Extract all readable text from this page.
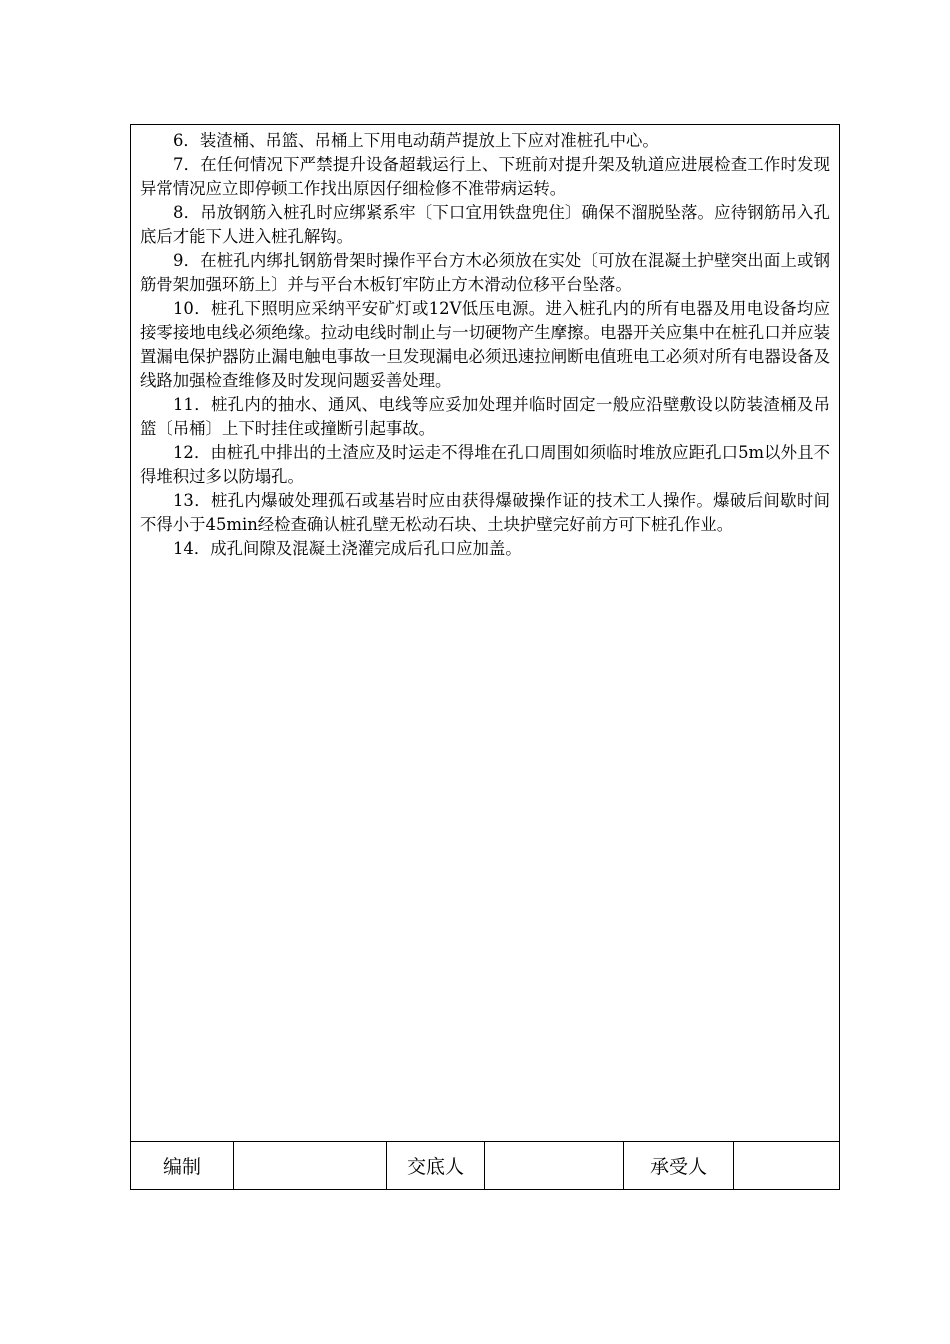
6．装渣桶、吊篮、吊桶上下用电动葫芦提放上下应对准桩孔中心。

7．在任何情况下严禁提升设备超载运行上、下班前对提升架及轨道应进展检查工作时发现异常情况应立即停顿工作找出原因仔细检修不准带病运转。

8．吊放钢筋入桩孔时应绑紧系牢〔下口宜用铁盘兜住〕确保不溜脱坠落。应待钢筋吊入孔底后才能下人进入桩孔解钩。

9．在桩孔内绑扎钢筋骨架时操作平台方木必须放在实处〔可放在混凝土护壁突出面上或钢筋骨架加强环筋上〕并与平台木板钉牢防止方木滑动位移平台坠落。

10．桩孔下照明应采纳平安矿灯或12V低压电源。进入桩孔内的所有电器及用电设备均应接零接地电线必须绝缘。拉动电线时制止与一切硬物产生摩擦。电器开关应集中在桩孔口并应装置漏电保护器防止漏电触电事故一旦发现漏电必须迅速拉闸断电值班电工必须对所有电器设备及线路加强检查维修及时发现问题妥善处理。

11．桩孔内的抽水、通风、电线等应妥加处理并临时固定一般应沿壁敷设以防装渣桶及吊篮〔吊桶〕上下时挂住或撞断引起事故。

12．由桩孔中排出的土渣应及时运走不得堆在孔口周围如须临时堆放应距孔口5m以外且不得堆积过多以防塌孔。

13．桩孔内爆破处理孤石或基岩时应由获得爆破操作证的技术工人操作。爆破后间歇时间不得小于45min经检查确认桩孔壁无松动石块、土块护壁完好前方可下桩孔作业。

14．成孔间隙及混凝土浇灌完成后孔口应加盖。

编制	交底人	承受人
